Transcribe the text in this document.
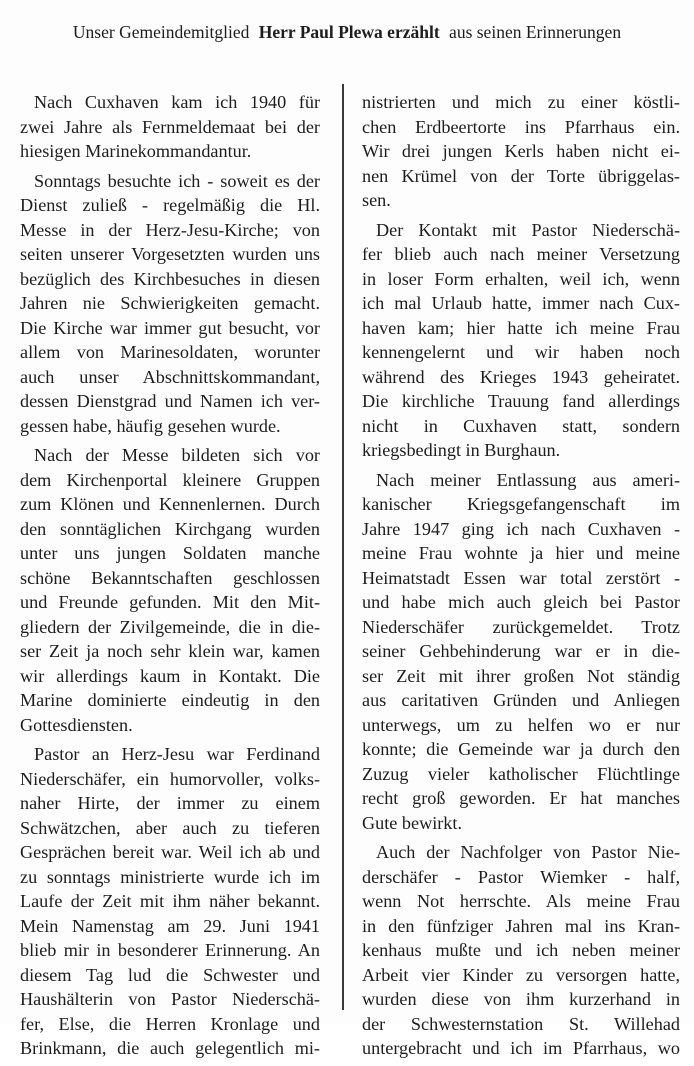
Unser Gemeindemitglied Herr Paul Plewa erzählt aus seinen Erinnerungen
Nach Cuxhaven kam ich 1940 für
zwei Jahre als Fernmeldemaat bei der
hiesigen Marinekommandantur.
Sonntags besuchte ich - soweit es der
Dienst zuließ - regelmäßig die Hl.
Messe in der Herz-Jesu-Kirche; von
seiten unserer Vorgesetzten wurden uns
bezüglich des Kirchbesuches in diesen
Jahren nie Schwierigkeiten gemacht.
Die Kirche war immer gut besucht, vor
allem von Marinesoldaten, worunter
auch unser Abschnittskommandant,
dessen Dienstgrad und Namen ich ver-
gessen habe, häufig gesehen wurde.
Nach der Messe bildeten sich vor
dem Kirchenportal kleinere Gruppen
zum Klönen und Kennenlernen. Durch
den sonntäglichen Kirchgang wurden
unter uns jungen Soldaten manche
schöne Bekanntschaften geschlossen
und Freunde gefunden. Mit den Mit-
gliedern der Zivilgemeinde, die in die-
ser Zeit ja noch sehr klein war, kamen
wir allerdings kaum in Kontakt. Die
Marine dominierte eindeutig in den
Gottesdiensten.
Pastor an Herz-Jesu war Ferdinand
Niederschäfer, ein humorvoller, volks-
naher Hirte, der immer zu einem
Schwätzchen, aber auch zu tieferen
Gesprächen bereit war. Weil ich ab und
zu sonntags ministrierte wurde ich im
Laufe der Zeit mit ihm näher bekannt.
Mein Namenstag am 29. Juni 1941
blieb mir in besonderer Erinnerung. An
diesem Tag lud die Schwester und
Haushälterin von Pastor Niederschä-
fer, Else, die Herren Kronlage und
Brinkmann, die auch gelegentlich mi-
nistrierten und mich zu einer köstli-
chen Erdbeertorte ins Pfarrhaus ein.
Wir drei jungen Kerls haben nicht ei-
nen Krümel von der Torte übriggelas-
sen.
Der Kontakt mit Pastor Niederschä-
fer blieb auch nach meiner Versetzung
in loser Form erhalten, weil ich, wenn
ich mal Urlaub hatte, immer nach Cux-
haven kam; hier hatte ich meine Frau
kennengelernt und wir haben noch
während des Krieges 1943 geheiratet.
Die kirchliche Trauung fand allerdings
nicht in Cuxhaven statt, sondern
kriegsbedingt in Burghaun.
Nach meiner Entlassung aus ameri-
kanischer Kriegsgefangenschaft im
Jahre 1947 ging ich nach Cuxhaven -
meine Frau wohnte ja hier und meine
Heimatstadt Essen war total zerstört -
und habe mich auch gleich bei Pastor
Niederschäfer zurückgemeldet. Trotz
seiner Gehbehinderung war er in die-
ser Zeit mit ihrer großen Not ständig
aus caritativen Gründen und Anliegen
unterwegs, um zu helfen wo er nur
konnte; die Gemeinde war ja durch den
Zuzug vieler katholischer Flüchtlinge
recht groß geworden. Er hat manches
Gute bewirkt.
Auch der Nachfolger von Pastor Nie-
derschäfer - Pastor Wiemker - half,
wenn Not herrschte. Als meine Frau
in den fünfziger Jahren mal ins Kran-
kenhaus mußte und ich neben meiner
Arbeit vier Kinder zu versorgen hatte,
wurden diese von ihm kurzerhand in
der Schwesternstation St. Willehad
untergebracht und ich im Pfarrhaus, wo
